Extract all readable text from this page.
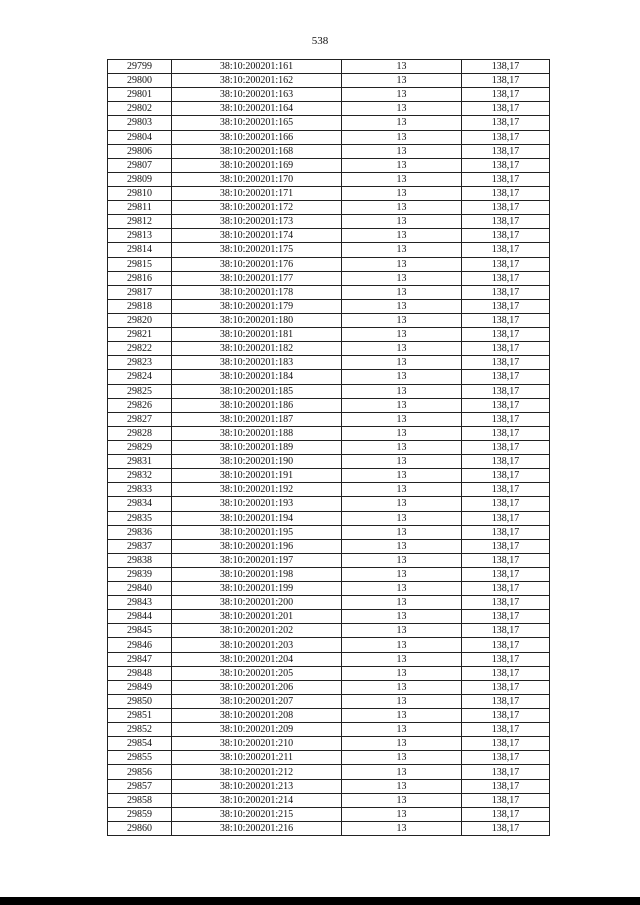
538
29799	38:10:200201:161	13	138,17
29800	38:10:200201:162	13	138,17
29801	38:10:200201:163	13	138,17
29802	38:10:200201:164	13	138,17
29803	38:10:200201:165	13	138,17
29804	38:10:200201:166	13	138,17
29806	38:10:200201:168	13	138,17
29807	38:10:200201:169	13	138,17
29809	38:10:200201:170	13	138,17
29810	38:10:200201:171	13	138,17
29811	38:10:200201:172	13	138,17
29812	38:10:200201:173	13	138,17
29813	38:10:200201:174	13	138,17
29814	38:10:200201:175	13	138,17
29815	38:10:200201:176	13	138,17
29816	38:10:200201:177	13	138,17
29817	38:10:200201:178	13	138,17
29818	38:10:200201:179	13	138,17
29820	38:10:200201:180	13	138,17
29821	38:10:200201:181	13	138,17
29822	38:10:200201:182	13	138,17
29823	38:10:200201:183	13	138,17
29824	38:10:200201:184	13	138,17
29825	38:10:200201:185	13	138,17
29826	38:10:200201:186	13	138,17
29827	38:10:200201:187	13	138,17
29828	38:10:200201:188	13	138,17
29829	38:10:200201:189	13	138,17
29831	38:10:200201:190	13	138,17
29832	38:10:200201:191	13	138,17
29833	38:10:200201:192	13	138,17
29834	38:10:200201:193	13	138,17
29835	38:10:200201:194	13	138,17
29836	38:10:200201:195	13	138,17
29837	38:10:200201:196	13	138,17
29838	38:10:200201:197	13	138,17
29839	38:10:200201:198	13	138,17
29840	38:10:200201:199	13	138,17
29843	38:10:200201:200	13	138,17
29844	38:10:200201:201	13	138,17
29845	38:10:200201:202	13	138,17
29846	38:10:200201:203	13	138,17
29847	38:10:200201:204	13	138,17
29848	38:10:200201:205	13	138,17
29849	38:10:200201:206	13	138,17
29850	38:10:200201:207	13	138,17
29851	38:10:200201:208	13	138,17
29852	38:10:200201:209	13	138,17
29854	38:10:200201:210	13	138,17
29855	38:10:200201:211	13	138,17
29856	38:10:200201:212	13	138,17
29857	38:10:200201:213	13	138,17
29858	38:10:200201:214	13	138,17
29859	38:10:200201:215	13	138,17
29860	38:10:200201:216	13	138,17
